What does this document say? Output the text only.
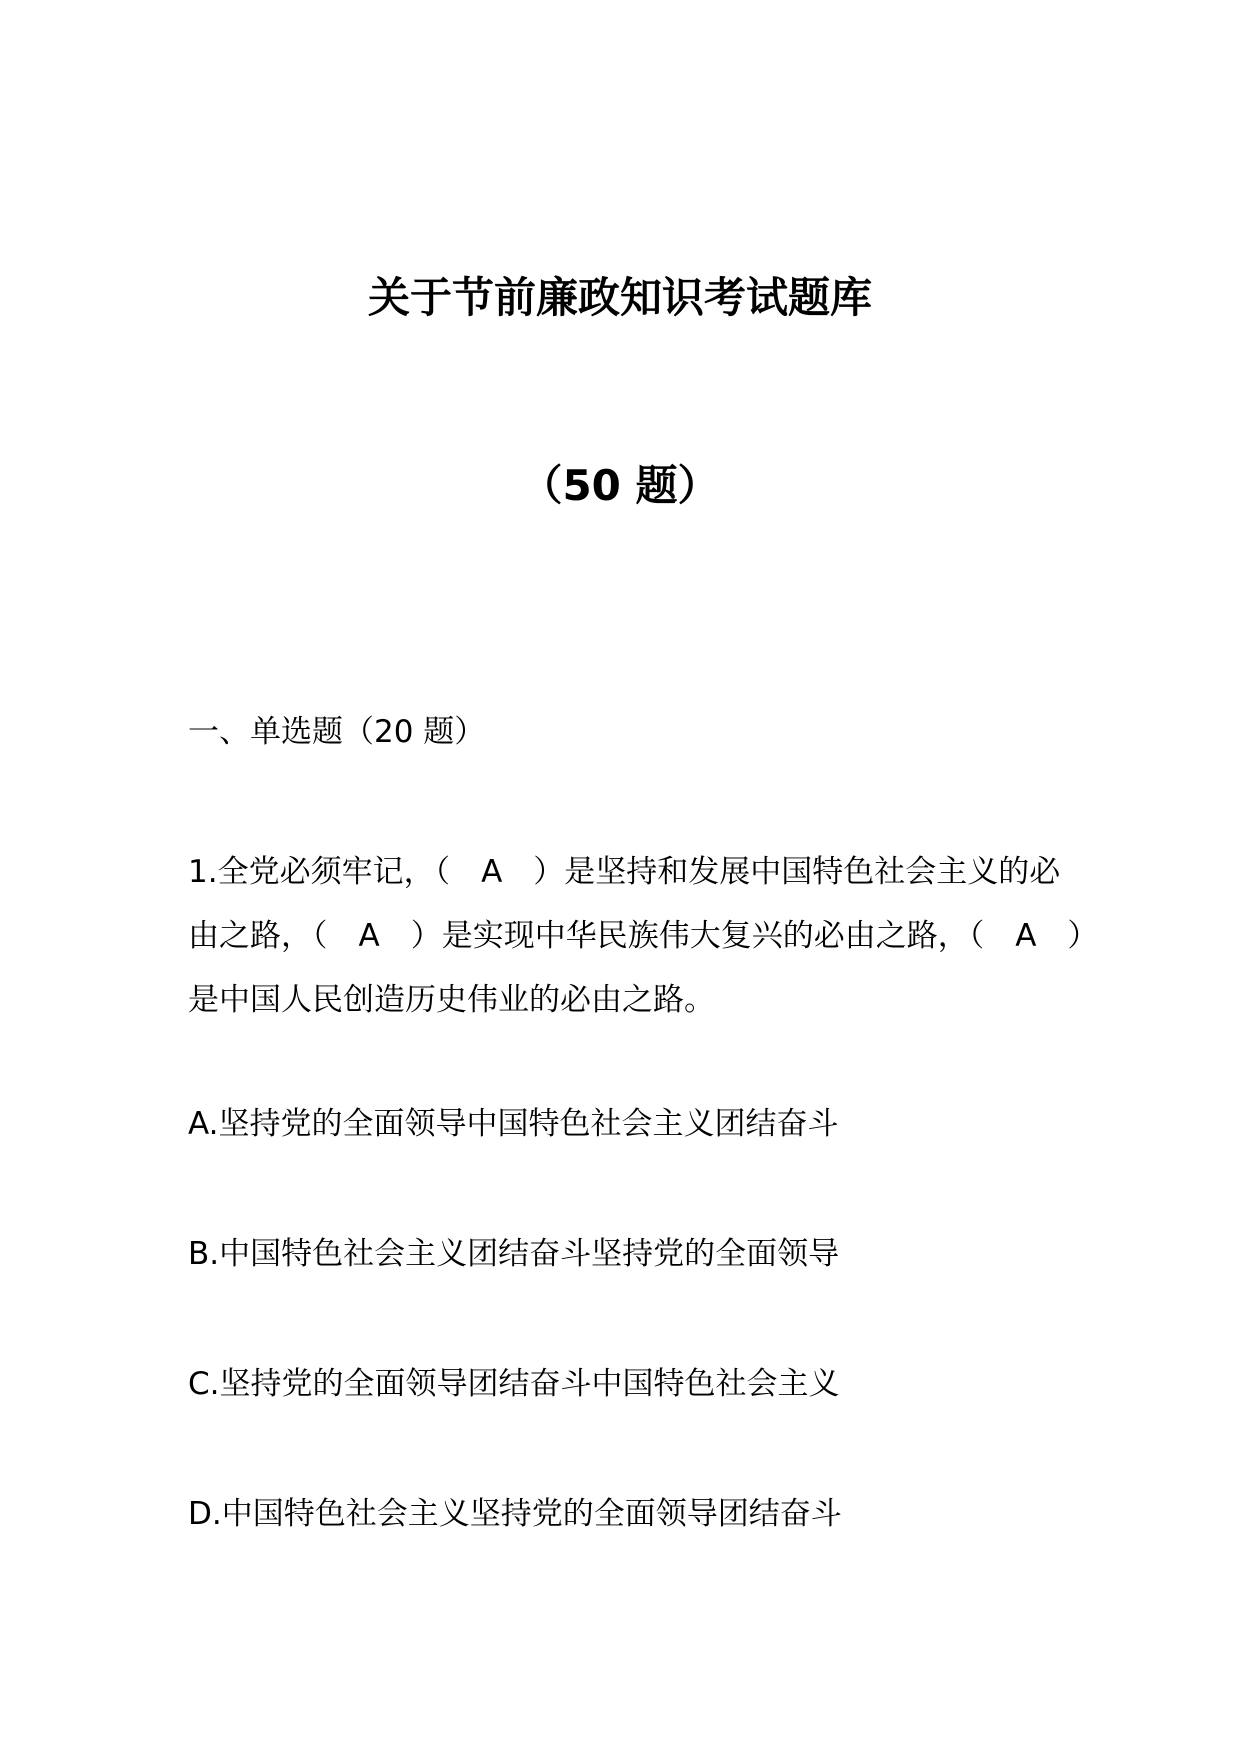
关于节前廉政知识考试题库
（50 题）

一、单选题（20 题）

1.全党必须牢记，（　A　）是坚持和发展中国特色社会主义的必由之路，（　A　）是实现中华民族伟大复兴的必由之路，（　A　）是中国人民创造历史伟业的必由之路。

A.坚持党的全面领导中国特色社会主义团结奋斗

B.中国特色社会主义团结奋斗坚持党的全面领导

C.坚持党的全面领导团结奋斗中国特色社会主义

D.中国特色社会主义坚持党的全面领导团结奋斗
